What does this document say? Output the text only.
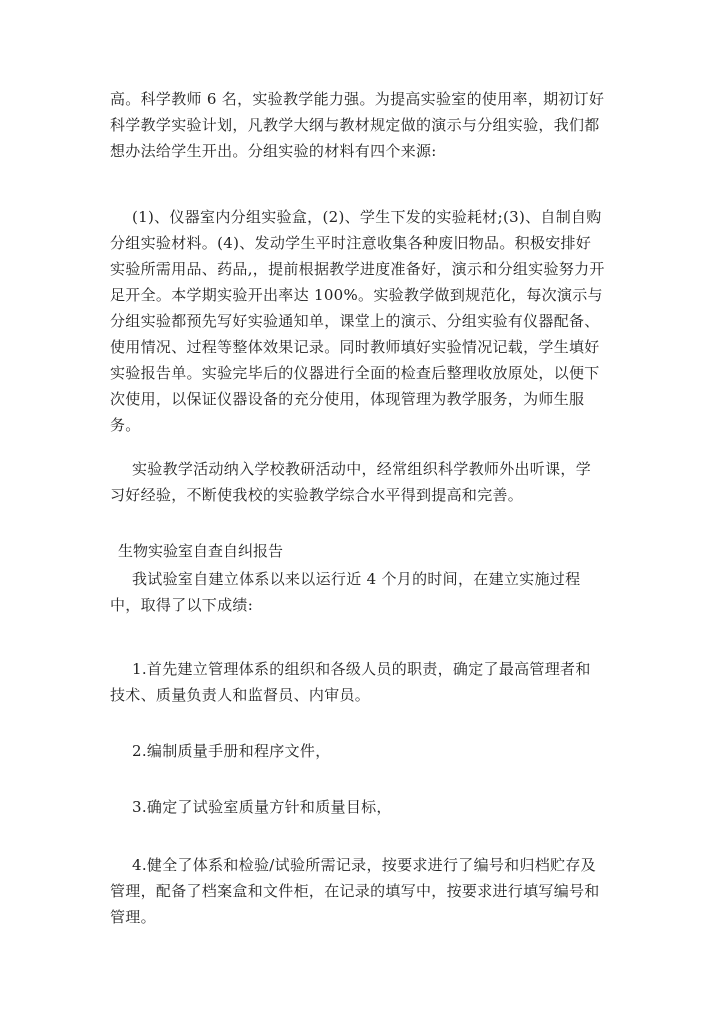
高。科学教师 6 名，实验教学能力强。为提高实验室的使用率，期初订好科学教学实验计划，凡教学大纲与教材规定做的演示与分组实验，我们都想办法给学生开出。分组实验的材料有四个来源:

(1)、仪器室内分组实验盒，(2)、学生下发的实验耗材;(3)、自制自购分组实验材料。(4)、发动学生平时注意收集各种废旧物品。积极安排好实验所需用品、药品,，提前根据教学进度准备好，演示和分组实验努力开足开全。本学期实验开出率达 100%。实验教学做到规范化，每次演示与分组实验都预先写好实验通知单，课堂上的演示、分组实验有仪器配备、使用情况、过程等整体效果记录。同时教师填好实验情况记载，学生填好实验报告单。实验完毕后的仪器进行全面的检查后整理收放原处，以便下次使用，以保证仪器设备的充分使用，体现管理为教学服务，为师生服务。

实验教学活动纳入学校教研活动中，经常组织科学教师外出听课，学习好经验，不断使我校的实验教学综合水平得到提高和完善。

生物实验室自查自纠报告

我试验室自建立体系以来以运行近 4 个月的时间，在建立实施过程中，取得了以下成绩:

1.首先建立管理体系的组织和各级人员的职责，确定了最高管理者和技术、质量负责人和监督员、内审员。

2.编制质量手册和程序文件，

3.确定了试验室质量方针和质量目标，

4.健全了体系和检验/试验所需记录，按要求进行了编号和归档贮存及管理，配备了档案盒和文件柜，在记录的填写中，按要求进行填写编号和管理。
